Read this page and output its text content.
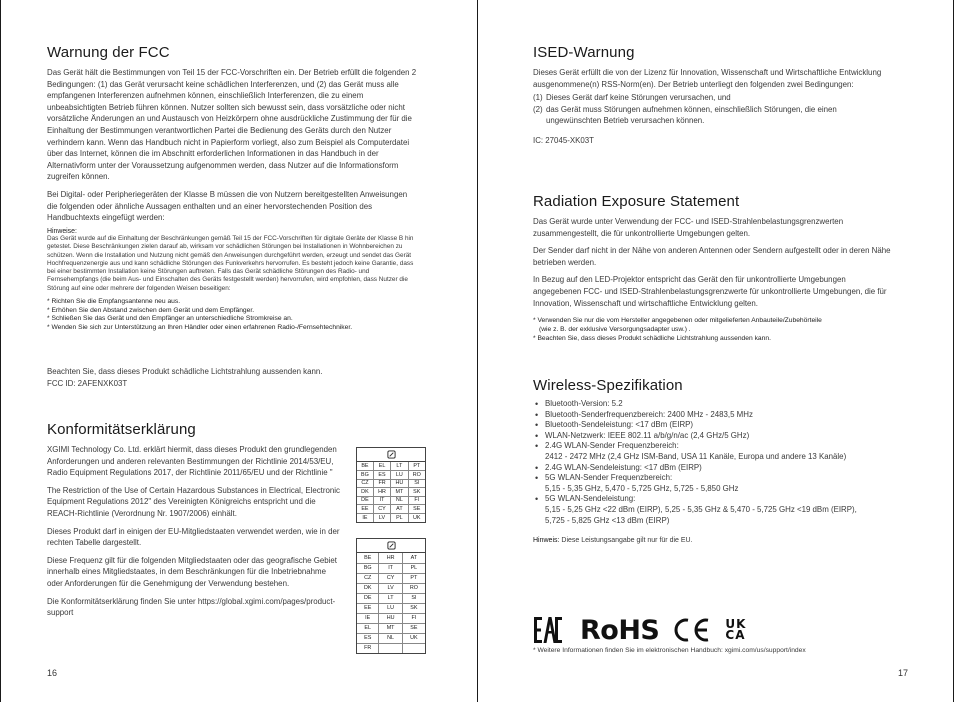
Warnung der FCC

Das Gerät hält die Bestimmungen von Teil 15 der FCC-Vorschriften ein. Der Betrieb erfüllt die folgenden 2 Bedingungen: (1) das Gerät verursacht keine schädlichen Interferenzen, und (2) das Gerät muss alle empfangenen Interferenzen aufnehmen können, einschließlich Interferenzen, die zu einem unbeabsichtigten Betrieb führen können. Nutzer sollten sich bewusst sein, dass vorsätzliche oder nicht vorsätzliche Änderungen an und Austausch von Heizkörpern ohne ausdrückliche Zustimmung der für die Einhaltung der Bestimmungen verantwortlichen Partei die Bedienung des Geräts durch den Nutzer verhindern kann. Wenn das Handbuch nicht in Papierform vorliegt, also zum Beispiel als Computerdatei über das Internet, können die im Abschnitt erforderlichen Informationen in das Handbuch in der Alternativform unter der Voraussetzung aufgenommen werden, dass Nutzer auf die Informationsform zugreifen können.

Bei Digital- oder Peripheriegeräten der Klasse B müssen die von Nutzern bereitgestellten Anweisungen die folgenden oder ähnliche Aussagen enthalten und an einer hervorstechenden Position des Handbuchtexts eingefügt werden:

Hinweise:
Das Gerät wurde auf die Einhaltung der Beschränkungen gemäß Teil 15 der FCC-Vorschriften für digitale Geräte der Klasse B hin getestet. Diese Beschränkungen zielen darauf ab, wirksam vor schädlichen Störungen bei Installationen in Wohnbereichen zu schützen. Wenn die Installation und Nutzung nicht gemäß den Anweisungen durchgeführt werden, erzeugt und sendet das Gerät Hochfrequenzenergie aus und kann schädliche Störungen des Funkverkehrs hervorrufen. Es besteht jedoch keine Garantie, dass bei einer bestimmten Installation keine Störungen auftreten. Falls das Gerät schädliche Störungen des Radio- und Fernsehempfangs (die beim Aus- und Einschalten des Geräts festgestellt werden) hervorrufen, wird empfohlen, dass Nutzer die Störung auf eine oder mehrere der folgenden Weisen beseitigen:
* Richten Sie die Empfangsantenne neu aus.
* Erhöhen Sie den Abstand zwischen dem Gerät und dem Empfänger.
* Schließen Sie das Gerät und den Empfänger an unterschiedliche Stromkreise an.
* Wenden Sie sich zur Unterstützung an Ihren Händler oder einen erfahrenen Radio-/Fernsehtechniker.
Beachten Sie, dass dieses Produkt schädliche Lichtstrahlung aussenden kann.
FCC ID: 2AFENXK03T
Konformitätserklärung

XGIMI Technology Co. Ltd. erklärt hiermit, dass dieses Produkt den grundlegenden Anforderungen und anderen relevanten Bestimmungen der Richtlinie 2014/53/EU, Radio Equipment Regulations 2017, der Richtlinie 2011/65/EU und der Richtlinie "

The Restriction of the Use of Certain Hazardous Substances in Electrical, Electronic Equipment Regulations 2012" des Vereinigten Königreichs entspricht und die REACH-Richtlinie (Verordnung Nr. 1907/2006) einhält.

Dieses Produkt darf in einigen der EU-Mitgliedstaaten verwendet werden, wie in der rechten Tabelle dargestellt.

Diese Frequenz gilt für die folgenden Mitgliedstaaten oder das geografische Gebiet innerhalb eines Mitgliedstaates, in dem Beschränkungen für die Inbetriebnahme oder Anforderungen für die Genehmigung der Verwendung bestehen.

Die Konformitätserklärung finden Sie unter https://global.xgimi.com/pages/product-support

BE	EL	LT	PT
BG	ES	LU	RO
CZ	FR	HU	SI
DK	HR	MT	SK
DE	IT	NL	FI
EE	CY	AT	SE
IE	LV	PL	UK
BE	HR	AT
BG	IT	PL
CZ	CY	PT
DK	LV	RO
DE	LT	SI
EE	LU	SK
IE	HU	FI
EL	MT	SE
ES	NL	UK
FR		
16
ISED-Warnung

Dieses Gerät erfüllt die von der Lizenz für Innovation, Wissenschaft und Wirtschaftliche Entwicklung ausgenommene(n) RSS-Norm(en). Der Betrieb unterliegt den folgenden zwei Bedingungen:

(1) Dieses Gerät darf keine Störungen verursachen, und
(2) das Gerät muss Störungen aufnehmen können, einschließlich Störungen, die einen ungewünschten Betrieb verursachen können.

IC: 27045-XK03T

Radiation Exposure Statement

Das Gerät wurde unter Verwendung der FCC- und ISED-Strahlenbelastungsgrenzwerten zusammengestellt, die für unkontrollierte Umgebungen gelten.

Der Sender darf nicht in der Nähe von anderen Antennen oder Sendern aufgestellt oder in deren Nähe betrieben werden.

In Bezug auf den LED-Projektor entspricht das Gerät den für unkontrollierte Umgebungen angegebenen FCC- und ISED-Strahlenbelastungsgrenzwerte für unkontrollierte Umgebungen, die für Innovation, Wissenschaft und wirtschaftliche Entwicklung gelten.

* Verwenden Sie nur die vom Hersteller angegebenen oder mitgelieferten Anbauteile/Zubehörteile
(wie z. B. der exklusive Versorgungsadapter usw.) .
* Beachten Sie, dass dieses Produkt schädliche Lichtstrahlung aussenden kann.
Wireless-Spezifikation
• Bluetooth-Version: 5.2
• Bluetooth-Senderfrequenzbereich: 2400 MHz - 2483,5 MHz
• Bluetooth-Sendeleistung: <17 dBm (EIRP)
• WLAN-Netzwerk: IEEE 802.11 a/b/g/n/ac (2,4 GHz/5 GHz)
• 2.4G WLAN-Sender Frequenzbereich:
2412 - 2472 MHz (2,4 GHz ISM-Band, USA 11 Kanäle, Europa und andere 13 Kanäle)
• 2.4G WLAN-Sendeleistung: <17 dBm (EIRP)
• 5G WLAN-Sender Frequenzbereich:
5,15 - 5,35 GHz, 5,470 - 5,725 GHz, 5,725 - 5,850 GHz
• 5G WLAN-Sendeleistung:
5,15 - 5,25 GHz <22 dBm (EIRP), 5,25 - 5,35 GHz & 5,470 - 5,725 GHz <19 dBm (EIRP),
5,725 - 5,825 GHz <13 dBm (EIRP)
Hinweis: Diese Leistungsangabe gilt nur für die EU.
RoHS	UK
CA
* Weitere Informationen finden Sie im elektronischen Handbuch: xgimi.com/us/support/index
17
